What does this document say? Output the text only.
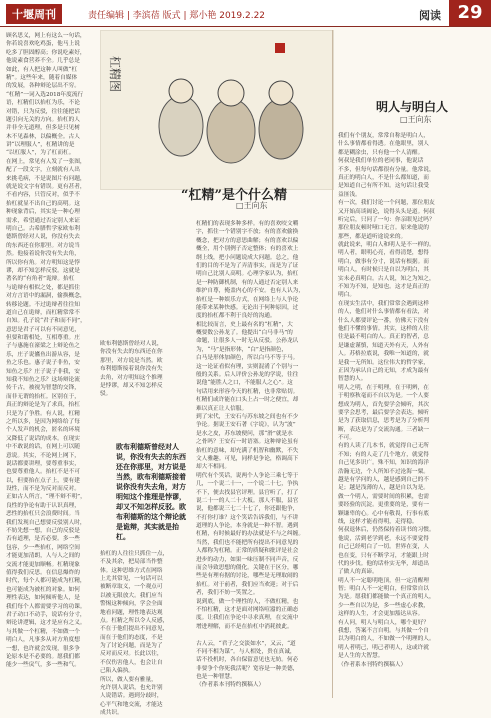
十堰周刊	责任编辑 | 李滨蓓 版式 | 郑小艳 2019.2.22	阅读 29
杠精图
“杠精”是个什么精
□王向东
顾名思义，网上有这么一句话，
你若说喜欢吃鸡蛋，他马上说
吃多了胆固醇高；你说吃素好，
他说素食营养不全。几乎总是
如此，有人把这种人叫做“杠
精”。这些年来，随着自媒体
的发展，各种辩论层出不穷。
“杠精”一词入选2018年度流行
语，杠精们以抬杠为乐，不论
对错，只为反驳，往往能把话
题引向无关的方向。抬杠的人
并非全无道理，但多是只见树
木不见森林，以偏概全。古人
讲“以理服人”，杠精讲的是
“以杠服人”，为了杠而杠。
在网上，常见有人发了一张图，
配了一段文字，立刻就有人出
来挑毛病，不是说图片有问题，
就是说文字有错误。更有甚者，
不看内容，只管反对，似乎不
抬杠就显不出自己的高明。这
种现象背后，其实是一种心理
需求，希望通过否定别人来证
明自己。古希腊哲学家欧布利
德斯曾经对人说，你没有失去
的东西还在你那里。对方说当
然。他接着说你没有失去角，
所以你有角。对方明知这是悖
谬，却不知怎样反驳。这就是
著名的“有角者”诡辩。抬杠
与诡辩有相似之处，都是抓住
对方言语中的漏洞，偷换概念，
转移论题。不过诡辩者往往知
道自己在诡辩，而杠精常常不
自知。孔子说“君子和而不同”，
意思是君子可以有不同意见，
但要和谐相处，互相尊重。庄
子与惠施在濠梁之上辩论鱼之
乐，庄子说鯈鱼出游从容，是
鱼之乐也。惠子说子非鱼，安
知鱼之乐？庄子说子非我，安
知我不知鱼之乐？这场辩论流
传千古，被视为智慧的交锋，
而非无谓的抬杠。区别在于，
真正的辩论是为了求真，抬杠
只是为了争胜。有人说，杠精
之所以多，是因为网络给了每
个人发声的机会，匿名的环境
又降低了说话的成本。在现实
中不敢说的话，在网上可以随
意说。其实，不论网上网下，
说话都要讲理，要尊重事实，
也要尊重他人。抬杠不是不可
以，但要抬在点子上，要有建
设性，而不是为反对而反对。
正如古人所言，“理不辩不明”，
良性的争论有助于认识真理，
恶性的抬杠只会浪费时间。当
我们发现自己想要反驳别人时，
不妨先想一想，自己的反驳是
否有道理，是否必要。多一些
包容，少一些抬杠，网络空间
才能更加清朗，人与人之间的
交流才能更加顺畅。杠精现象
值得我们反思。在信息爆炸的
时代，每个人都可能成为杠精，
也可能成为被杠的对象。如何
理性表达，如何倾听他人，是
我们每个人都需要学习的功课。
君子动口不动手，说话有分寸，
辩论讲逻辑，这才是应有之义。
与其做一个杠精，不如做一个
明白人，凡事多从对方角度想
一想，也许就会发现，很多争
论原本是不必要的。愿我们都
能少一些戾气，多一些和气。
欧布利德斯曾经对人说，
你没有失去的东西还在你
那里，对方说是当然。欧
布利德斯接着说你没有失
去角，对方明知这个推理
是悖谬，却又不知怎样反
驳。
抬杠的人往往只抓住一点，
不及其余，把局部当作整
体。这种思维方式在网络
上尤其常见，一句话可以
被断章取义，一个观点可
以被无限放大。我们应当
警惕这种倾向，学会全面
地看问题，理性地表达观
点。杠精之所以令人反感，
不在于他们提出不同意见，
而在于他们的态度，不是
为了讨论问题，而是为了
反对而反对。长此以往，
不仅伤害他人，也会让自
己陷入偏执。
所以，做人要有雅量，
允许别人说话，也允许别
人说错话。遇到分歧时，
心平气和地交流，才能达
成共识。
欧布利德斯曾经对人说，你没有失去的东西还在你那里，对方说是当然，欧布利德斯接着说你没有失去角，对方明知这个推理是悖谬，却又不知怎样反驳。欧布利德斯的这个辩论就是诡辩，其实就是抬杠。
杠精们的表现多种多样。有的喜欢咬文嚼
字，抓住一个错别字不放；有的喜欢偷换
概念，把对方的意思曲解；有的喜欢以偏
概全，用个别例子否定整体；有的喜欢上
纲上线，把小问题说成大问题。总之，他
们的目的不是为了弄清事实，而是为了证
明自己比别人高明。心理学家认为，抬杠
是一种防御机制，有的人通过否定别人来
维护自尊，掩盖内心的不安。也有人认为，
抬杠是一种娱乐方式，在网络上与人争论
能带来某种快感。无论出于何种原因，过
度的抬杠都不利于良好的沟通。
相比较而言，史上最有名的“杠精”，大
概要数公孙龙了。他提出“白马非马”的
命题，让很多人一时无从反驳。公孙龙认
为，“马”是指形体，“白”是指颜色，
白马是形体加颜色，所以白马不等于马。
这一论证看似有理，实则混淆了个别与一
般的关系。后人评价公孙龙的学说，往往
说他“能胜人之口，不能服人之心”。这
句话用来形容今天的杠精，也非常贴切。
杠精们或许能在口头上占一时之便宜，却
难以真正让人信服。
到了宋代，王安石与苏东坡之间也有不少
争论。据说王安石著《字说》，认为“波”
是水之皮，苏东坡便问，那“滑”就是水
之骨吗？王安石一时语塞。这种辩论虽有
抬杠的意味，却充满了机智和幽默，不失
文人雅趣。可见，同样是争论，格调高下
却大不相同。
明代有个笑话，说两个人争论三乘七等于
几，一个说二十一，一个说二十七，争执
不下，便去找县官评理。县官听了，打了
说二十一的人二十大板。那人不服，县官
说，他都说三七二十七了，你还跟他争，
不打你打谁？这个笑话告诉我们，与不讲
道理的人争论，本身就是一种不智。遇到
杠精，有时候最好的办法就是不与之纠缠。
当然，我们也不能把所有提出不同意见的
人都称为杠精。正常的质疑和批评是社会
进步的动力，如果一味压制不同声音，反
而会导致思想的僵化。关键在于区分，哪
些是有理有据的讨论，哪些是无理取闹的
抬杠。对于前者，我们应当欢迎；对于后
者，我们不妨一笑置之。
说到底，做一个理性的人，不做杠精，也
不怕杠精，这才是面对网络喧嚣的正确态
度。让我们在争论中寻求真理，在交流中
增进理解，而不是在抬杠中消耗彼此。
古人云，“君子之交淡如水”，又云，“道
不同不相为谋”。与人相处，贵在真诚，
话不投机时，各自保留意见也无妨。何必
非要争个你死我活呢？宽容是一种美德，
也是一种智慧。
（作者系本刊特约撰稿人）
明人与明白人
□王向东
我们有个朋友，常常自称是明白人，
什么事情都看得透。在他眼里，别人
都是糊涂虫，只有他一个人清醒。
何叔是我们单位的老同事，他说话
不多，但每句话都很有分量。他常说，
真正的明白人，不是什么都知道，而
是知道自己有所不知。这句话让我受
益匪浅。
有一次，我们讨论一个问题，那位朋友
又开始高谈阔论，说得头头是道。何叔
听完后，只问了一句：你亲眼见过吗？
那位朋友顿时哑口无言。原来他说的
那些，都是道听途说来的。
就此说来，明白人和明人是不一样的。
明人者，眼明心亮，看得清楚，想得
明白，做事有分寸，说话有根据。而
明白人，有时候只是自以为明白，其
实未必真明白。古人说，知之为知之，
不知为不知，是知也。这才是真正的
明白。
在现实生活中，我们常常会遇到这样
的人，他们对什么事情都有看法，对
什么人都要评论一番，仿佛天下没有
他们不懂的事情。其实，这样的人往
往是最不明白的人。真正的智者，总
是谦虚谨慎，知道天外有天，人外有
人。苏格拉底说，我唯一知道的，就
是我一无所知。这位伟大的哲学家，
正因为承认自己的无知，才成为最有
智慧的人。
明人之明，在于明理，在于明辨，在
于明察秋毫而不自以为是。一个人要
想成为明人，首先要学会倾听，其次
要学会思考，最后要学会表达。倾听
是为了获取信息，思考是为了分析判
断，表达是为了交流沟通。三者缺一
不可。
有的人读了几本书，就觉得自己无所
不知；有的人走了几个地方，就觉得
自己见多识广。殊不知，知识的海洋
浩瀚无边，个人所知不过沧海一粟。
越是有学问的人，越是感到自己的不
足；越是浅薄的人，越是自以为是。
做一个明人，需要时间的积累，也需
要经验的沉淀。更重要的是，要有一
颗谦卑的心。心中有敬畏，行事有底
线，这样才能看得明，走得稳。
何叔退休后，仍然保持着读书的习惯。
他说，活到老学到老，永远不要觉得
自己已经明白了一切。世界在变，人
也在变，只有不断学习，才能跟上时
代的步伐。他的话朴实无华，却道出
了做人的真谛。
明人不一定聪明绝顶，但一定清醒理
智；明白人不一定明白，但常常自以
为是。愿我们都能做一个真正的明人，
少一些自以为是，多一些虚心求教，
这样的人生，才会更加豁达从容。
有人问，明人与明白人，哪个更好？
我想，答案不言自明。与其做一个自
以为明白的人，不如做一个明理的人。
明人者明己，明己者明人，这或许就
是人生的大智慧。
（作者系本刊特约撰稿人）
